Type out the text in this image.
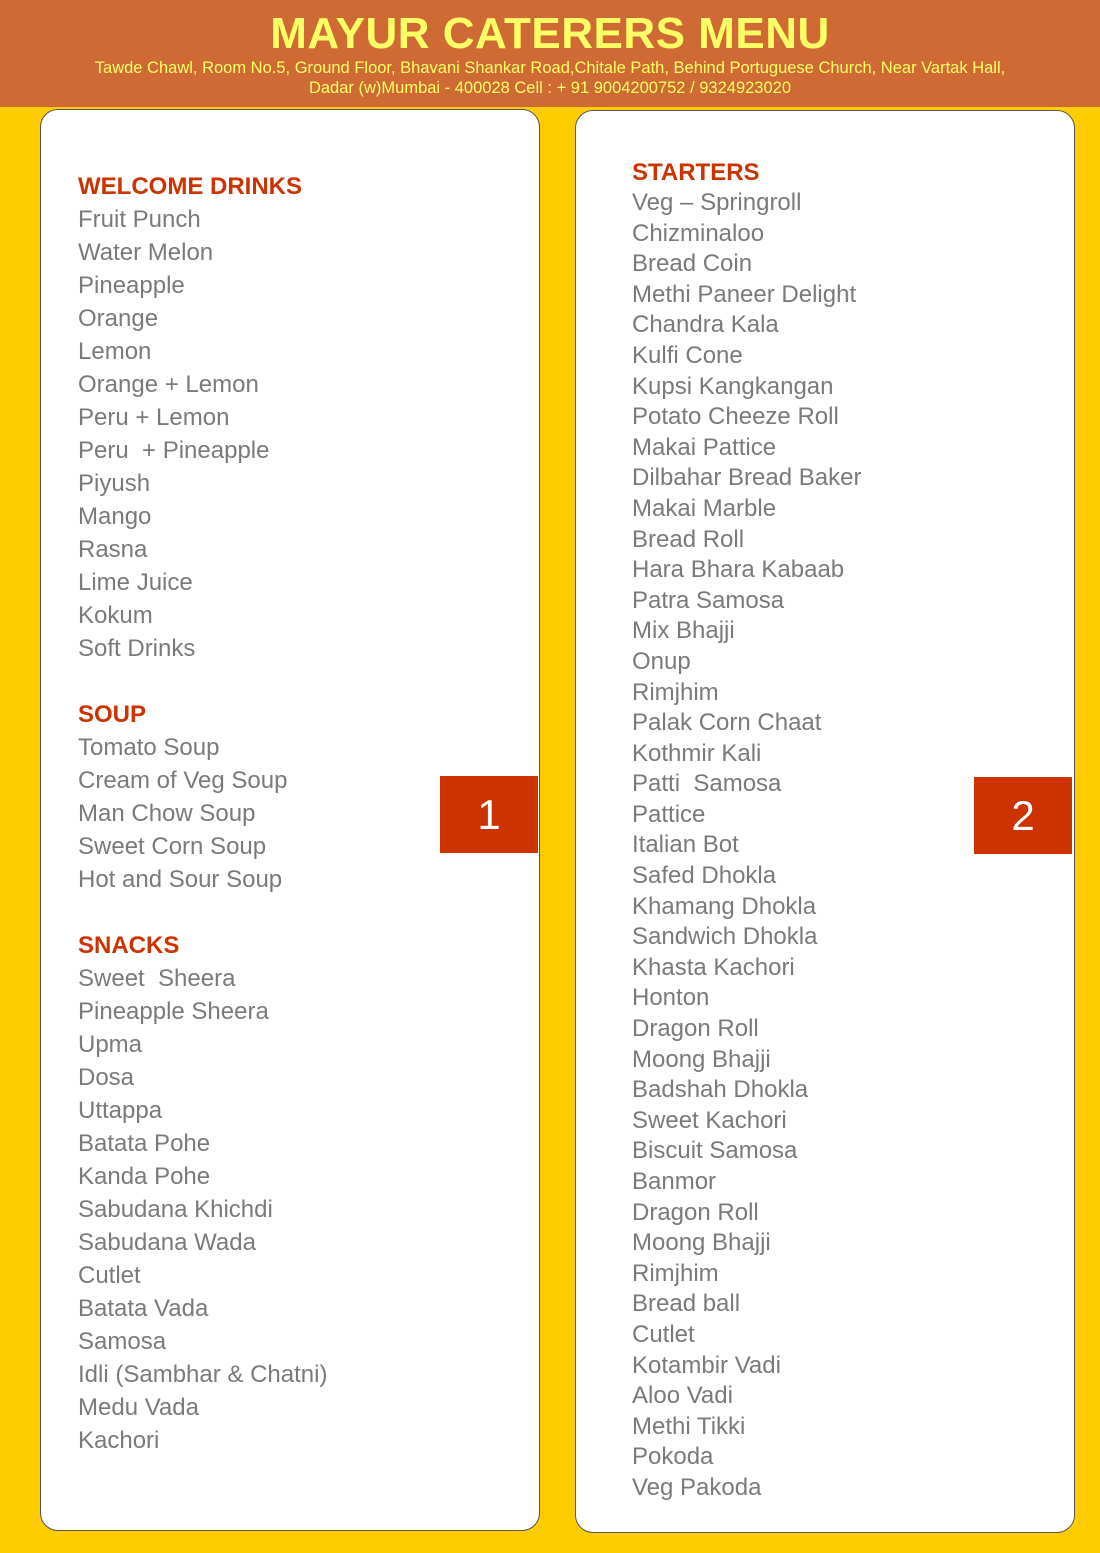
MAYUR CATERERS MENU
Tawde Chawl, Room No.5, Ground Floor, Bhavani Shankar Road,Chitale Path, Behind Portuguese Church, Near Vartak Hall,
Dadar (w)Mumbai - 400028 Cell : + 91 9004200752 / 9324923020
WELCOME DRINKS
Fruit Punch
Water Melon
Pineapple
Orange
Lemon
Orange + Lemon
Peru + Lemon
Peru  + Pineapple
Piyush
Mango
Rasna
Lime Juice
Kokum
Soft Drinks
SOUP
Tomato Soup
Cream of Veg Soup
Man Chow Soup
Sweet Corn Soup
Hot and Sour Soup
SNACKS
Sweet  Sheera
Pineapple Sheera
Upma
Dosa
Uttappa
Batata Pohe
Kanda Pohe
Sabudana Khichdi
Sabudana Wada
Cutlet
Batata Vada
Samosa
Idli (Sambhar & Chatni)
Medu Vada
Kachori
1
STARTERS
Veg – Springroll
Chizminaloo
Bread Coin
Methi Paneer Delight
Chandra Kala
Kulfi Cone
Kupsi Kangkangan
Potato Cheeze Roll
Makai Pattice
Dilbahar Bread Baker
Makai Marble
Bread Roll
Hara Bhara Kabaab
Patra Samosa
Mix Bhajji
Onup
Rimjhim
Palak Corn Chaat
Kothmir Kali
Patti  Samosa
Pattice
Italian Bot
Safed Dhokla
Khamang Dhokla
Sandwich Dhokla
Khasta Kachori
Honton
Dragon Roll
Moong Bhajji
Badshah Dhokla
Sweet Kachori
Biscuit Samosa
Banmor
Dragon Roll
Moong Bhajji
Rimjhim
Bread ball
Cutlet
Kotambir Vadi
Aloo Vadi
Methi Tikki
Pokoda
Veg Pakoda
2
